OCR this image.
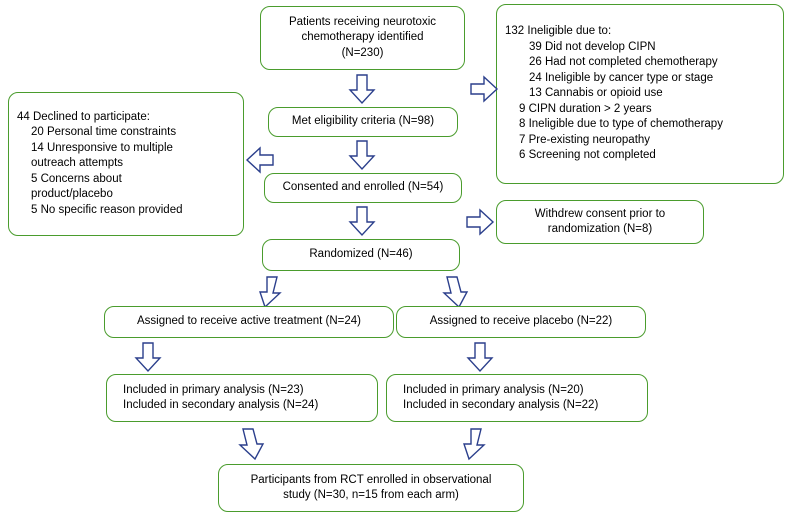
Patients receiving neurotoxic
chemotherapy identified
(N=230)
132 Ineligible due to:
39 Did not develop CIPN
26 Had not completed chemotherapy
24 Ineligible by cancer type or stage
13 Cannabis or opioid use
9 CIPN duration > 2 years
8 Ineligible due to type of chemotherapy
7 Pre-existing neuropathy
6 Screening not completed
Met eligibility criteria (N=98)
44 Declined to participate:
20 Personal time constraints
14 Unresponsive to multiple
outreach attempts
5 Concerns about
product/placebo
5 No specific reason provided
Consented and enrolled (N=54)
Withdrew consent prior to
randomization (N=8)
Randomized (N=46)
Assigned to receive active treatment (N=24)	Assigned to receive placebo (N=22)
Included in primary analysis (N=23)
Included in secondary analysis (N=24)
Included in primary analysis (N=20)
Included in secondary analysis (N=22)
Participants from RCT enrolled in observational
study (N=30, n=15 from each arm)
